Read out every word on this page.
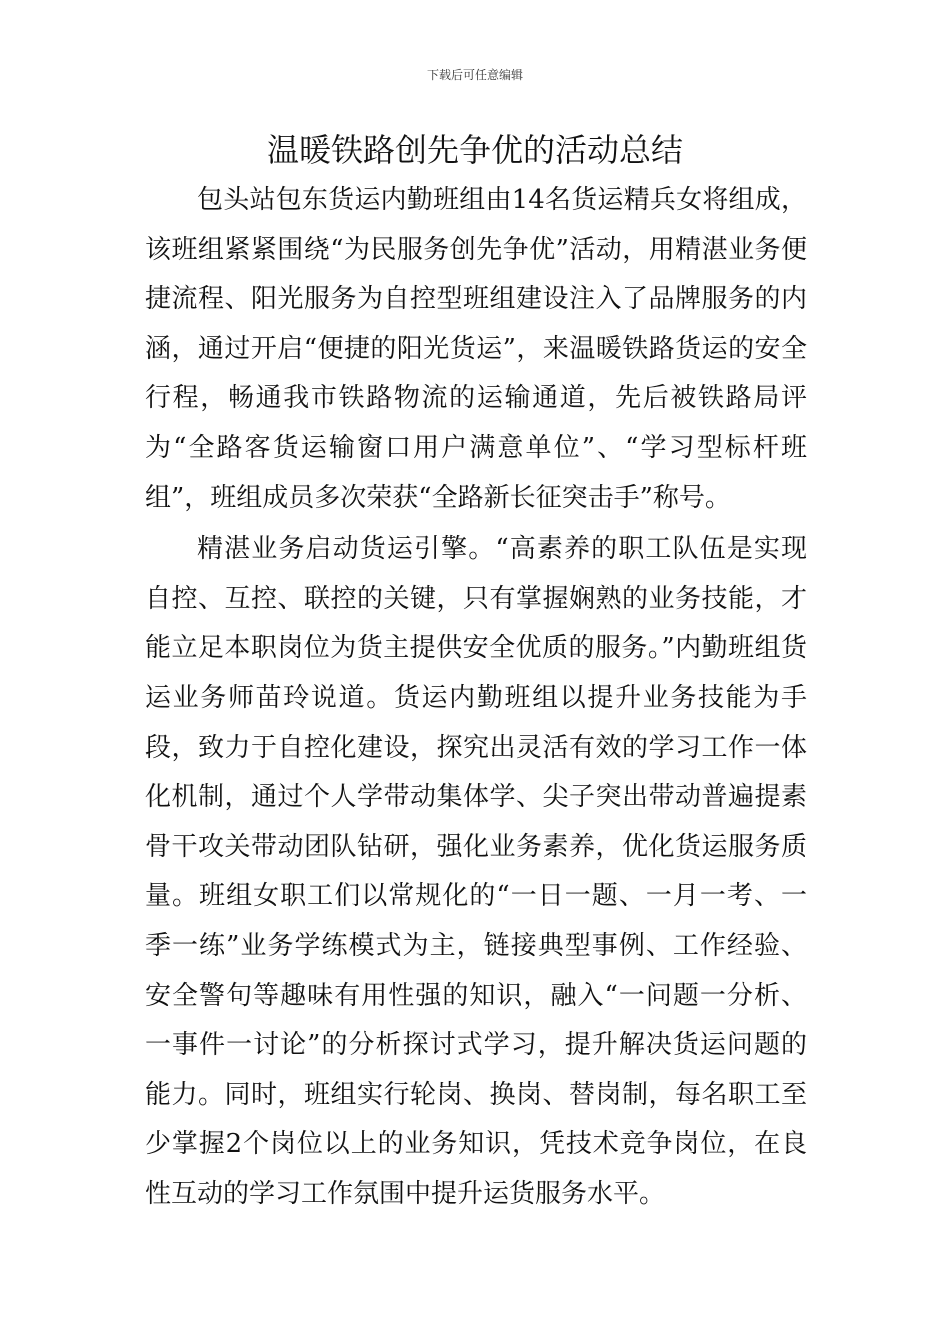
下载后可任意编辑
温暖铁路创先争优的活动总结

包头站包东货运内勤班组由14名货运精兵女将组成，该班组紧紧围绕“为民服务创先争优”活动，用精湛业务便捷流程、阳光服务为自控型班组建设注入了品牌服务的内涵，通过开启“便捷的阳光货运”，来温暖铁路货运的安全行程，畅通我市铁路物流的运输通道，先后被铁路局评为“全路客货运输窗口用户满意单位”、“学习型标杆班组”，班组成员多次荣获“全路新长征突击手”称号。

精湛业务启动货运引擎。“高素养的职工队伍是实现自控、互控、联控的关键，只有掌握娴熟的业务技能，才能立足本职岗位为货主提供安全优质的服务。”内勤班组货运业务师苗玲说道。货运内勤班组以提升业务技能为手段，致力于自控化建设，探究出灵活有效的学习工作一体化机制，通过个人学带动集体学、尖子突出带动普遍提素骨干攻关带动团队钻研，强化业务素养，优化货运服务质量。班组女职工们以常规化的“一日一题、一月一考、一季一练”业务学练模式为主，链接典型事例、工作经验、安全警句等趣味有用性强的知识，融入“一问题一分析、一事件一讨论”的分析探讨式学习，提升解决货运问题的能力。同时，班组实行轮岗、换岗、替岗制，每名职工至少掌握2个岗位以上的业务知识，凭技术竞争岗位，在良性互动的学习工作氛围中提升运货服务水平。
